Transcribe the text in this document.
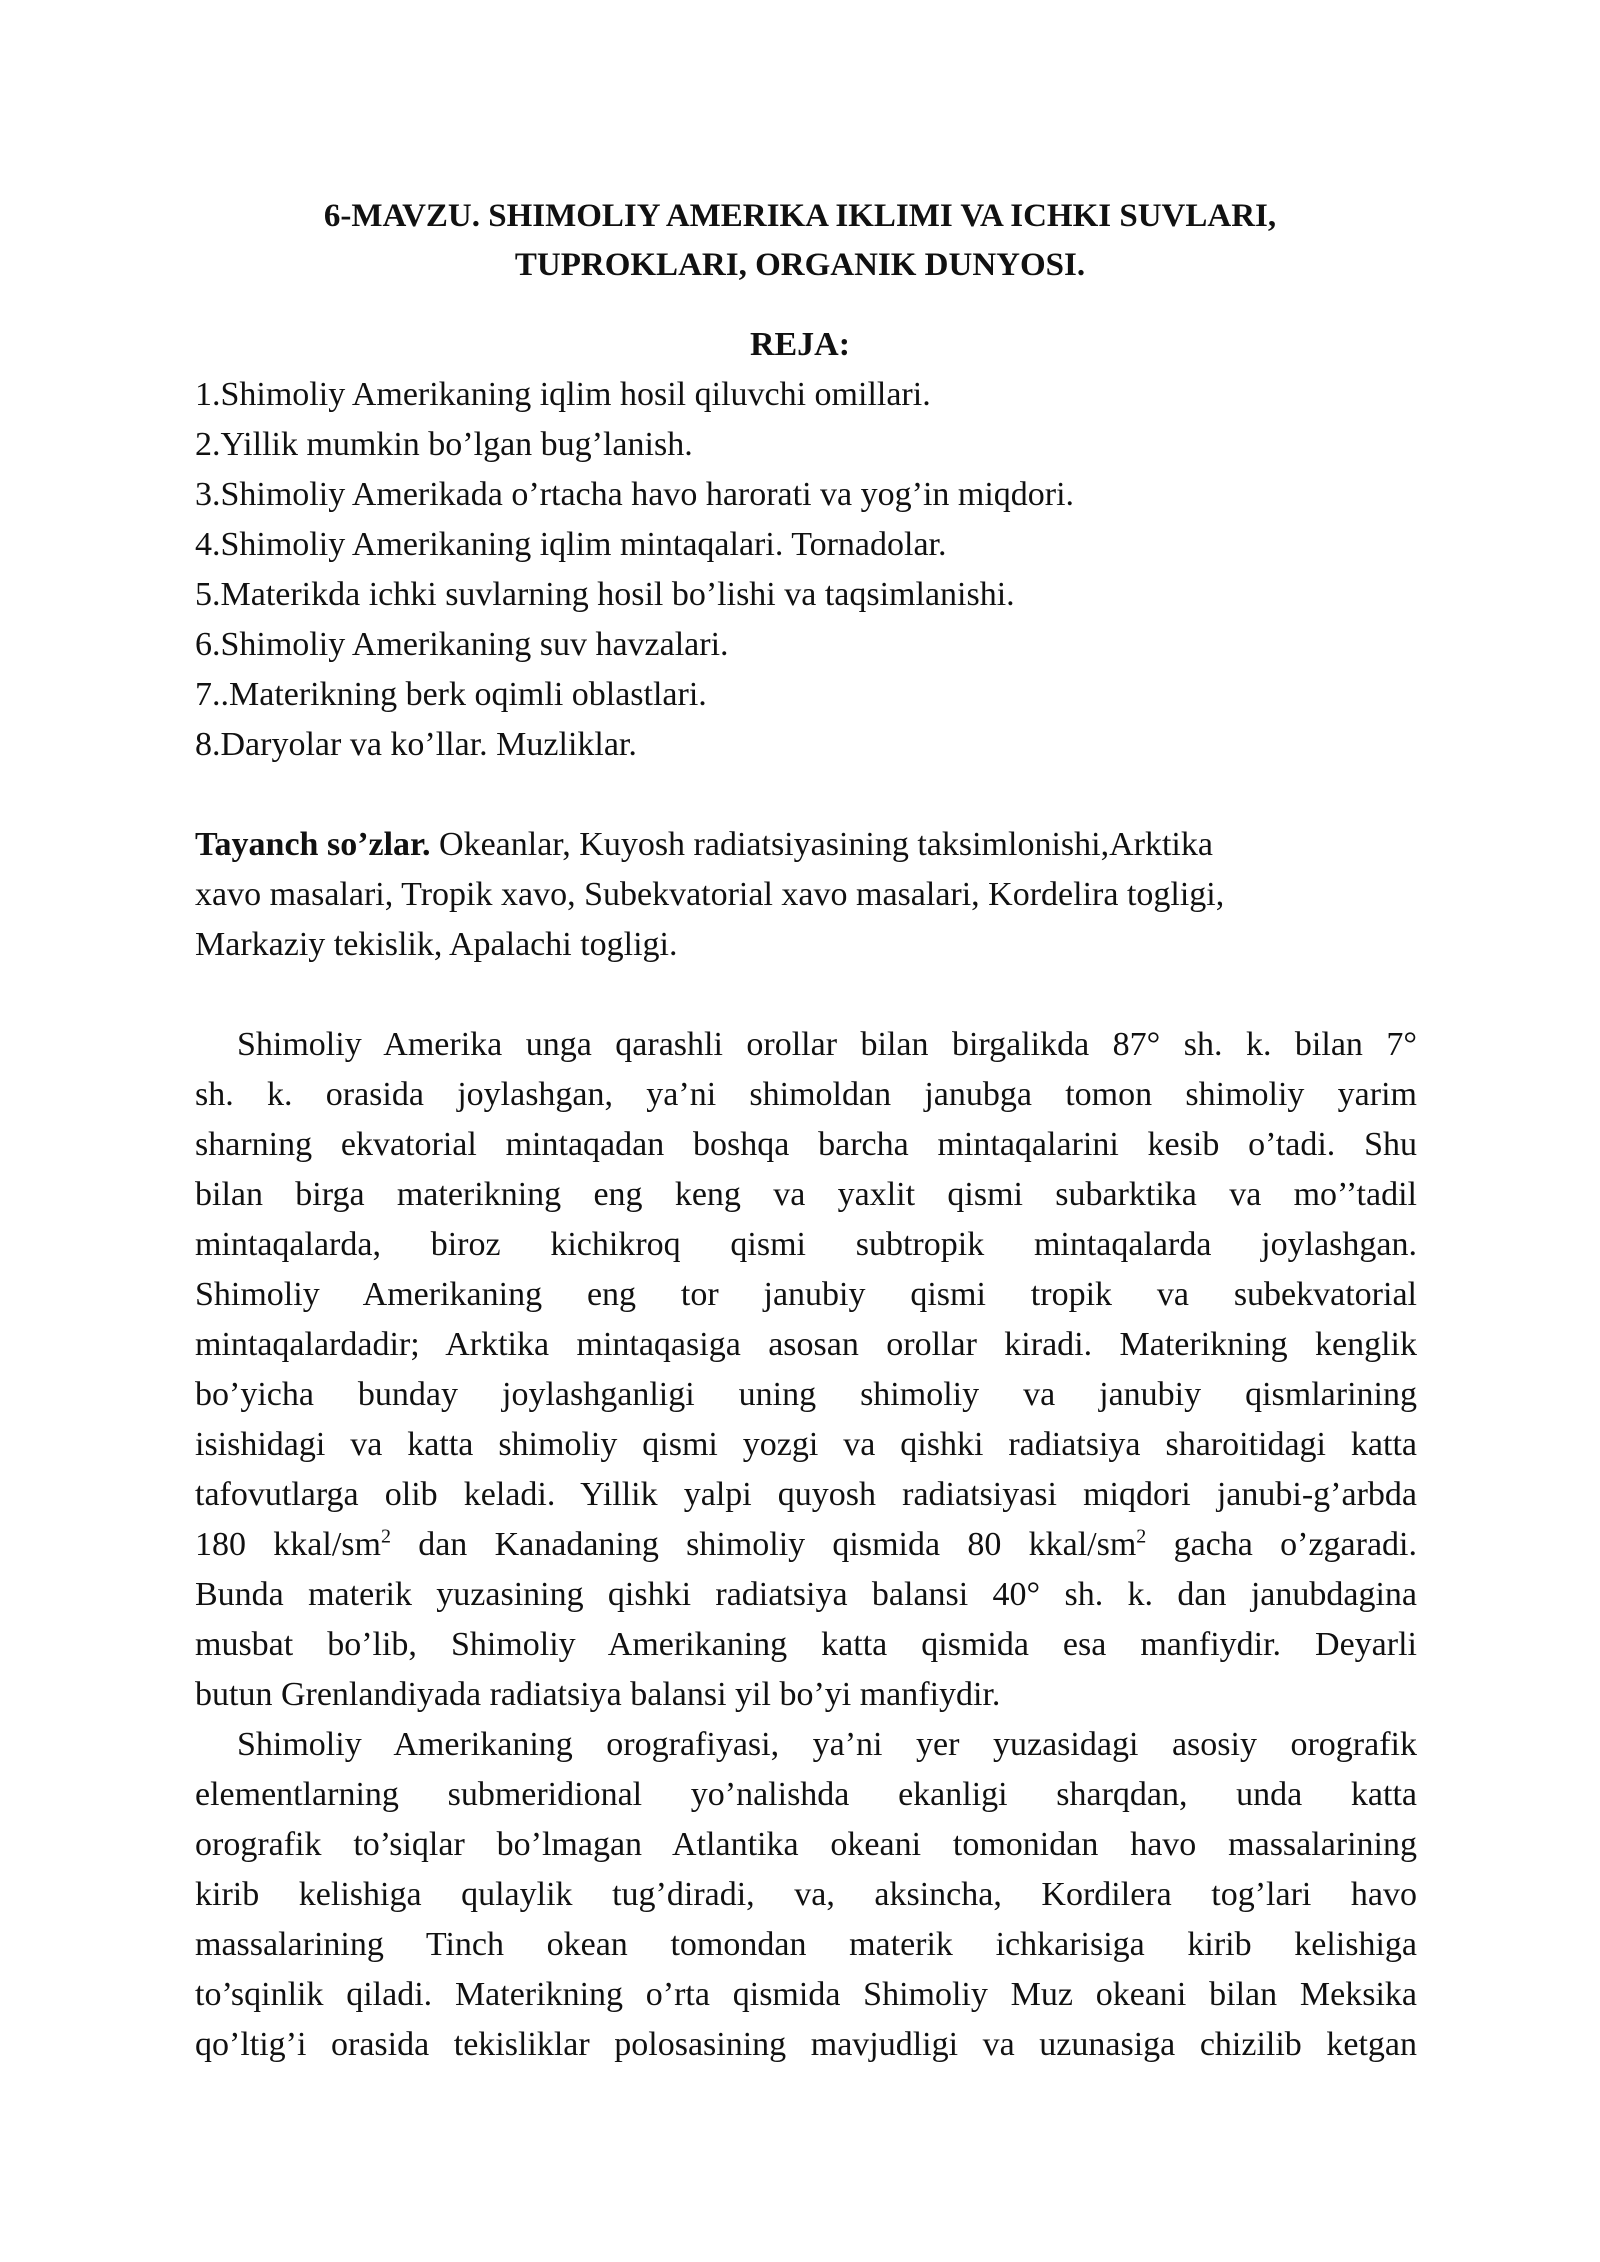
6-MAVZU. SHIMOLIY AMERIKA IKLIMI VA ICHKI SUVLARI,
TUPROKLARI, ORGANIK DUNYOSI.
REJA:
1.Shimoliy Amerikaning iqlim hosil qiluvchi omillari.
2.Yillik mumkin bo’lgan bug’lanish.
3.Shimoliy Amerikada o’rtacha havo harorati va yog’in miqdori.
4.Shimoliy Amerikaning iqlim mintaqalari. Tornadolar.
5.Materikda ichki suvlarning hosil bo’lishi va taqsimlanishi.
6.Shimoliy Amerikaning suv havzalari.
7..Materikning berk oqimli oblastlari.
8.Daryolar va ko’llar. Muzliklar.
Tayanch so’zlar. Okeanlar, Kuyosh radiatsiyasining taksimlonishi,Arktika
xavo masalari, Tropik xavo, Subekvatorial xavo masalari, Kordelira togligi,
Markaziy tekislik, Apalachi togligi.
Shimoliy Amerika unga qarashli orollar bilan birgalikda 87° sh. k. bilan 7°
sh. k. orasida joylashgan, ya’ni shimoldan janubga tomon shimoliy yarim
sharning ekvatorial mintaqadan boshqa barcha mintaqalarini kesib o’tadi. Shu
bilan birga materikning eng keng va yaxlit qismi subarktika va mo’’tadil
mintaqalarda, biroz kichikroq qismi subtropik mintaqalarda joylashgan.
Shimoliy Amerikaning eng tor janubiy qismi tropik va subekvatorial
mintaqalardadir; Arktika mintaqasiga asosan orollar kiradi. Materikning kenglik
bo’yicha bunday joylashganligi uning shimoliy va janubiy qismlarining
isishidagi va katta shimoliy qismi yozgi va qishki radiatsiya sharoitidagi katta
tafovutlarga olib keladi. Yillik yalpi quyosh radiatsiyasi miqdori janubi-g’arbda
180 kkal/$sm^2$ dan Kanadaning shimoliy qismida 80 kkal/$sm^2$ gacha o’zgaradi.
Bunda materik yuzasining qishki radiatsiya balansi 40° sh. k. dan janubdagina
musbat bo’lib, Shimoliy Amerikaning katta qismida esa manfiydir. Deyarli
butun Grenlandiyada radiatsiya balansi yil bo’yi manfiydir.
Shimoliy Amerikaning orografiyasi, ya’ni yer yuzasidagi asosiy orografik
elementlarning submeridional yo’nalishda ekanligi sharqdan, unda katta
orografik to’siqlar bo’lmagan Atlantika okeani tomonidan havo massalarining
kirib kelishiga qulaylik tug’diradi, va, aksincha, Kordilera tog’lari havo
massalarining Tinch okean tomondan materik ichkarisiga kirib kelishiga
to’sqinlik qiladi. Materikning o’rta qismida Shimoliy Muz okeani bilan Meksika
qo’ltig’i orasida tekisliklar polosasining mavjudligi va uzunasiga chizilib ketgan
